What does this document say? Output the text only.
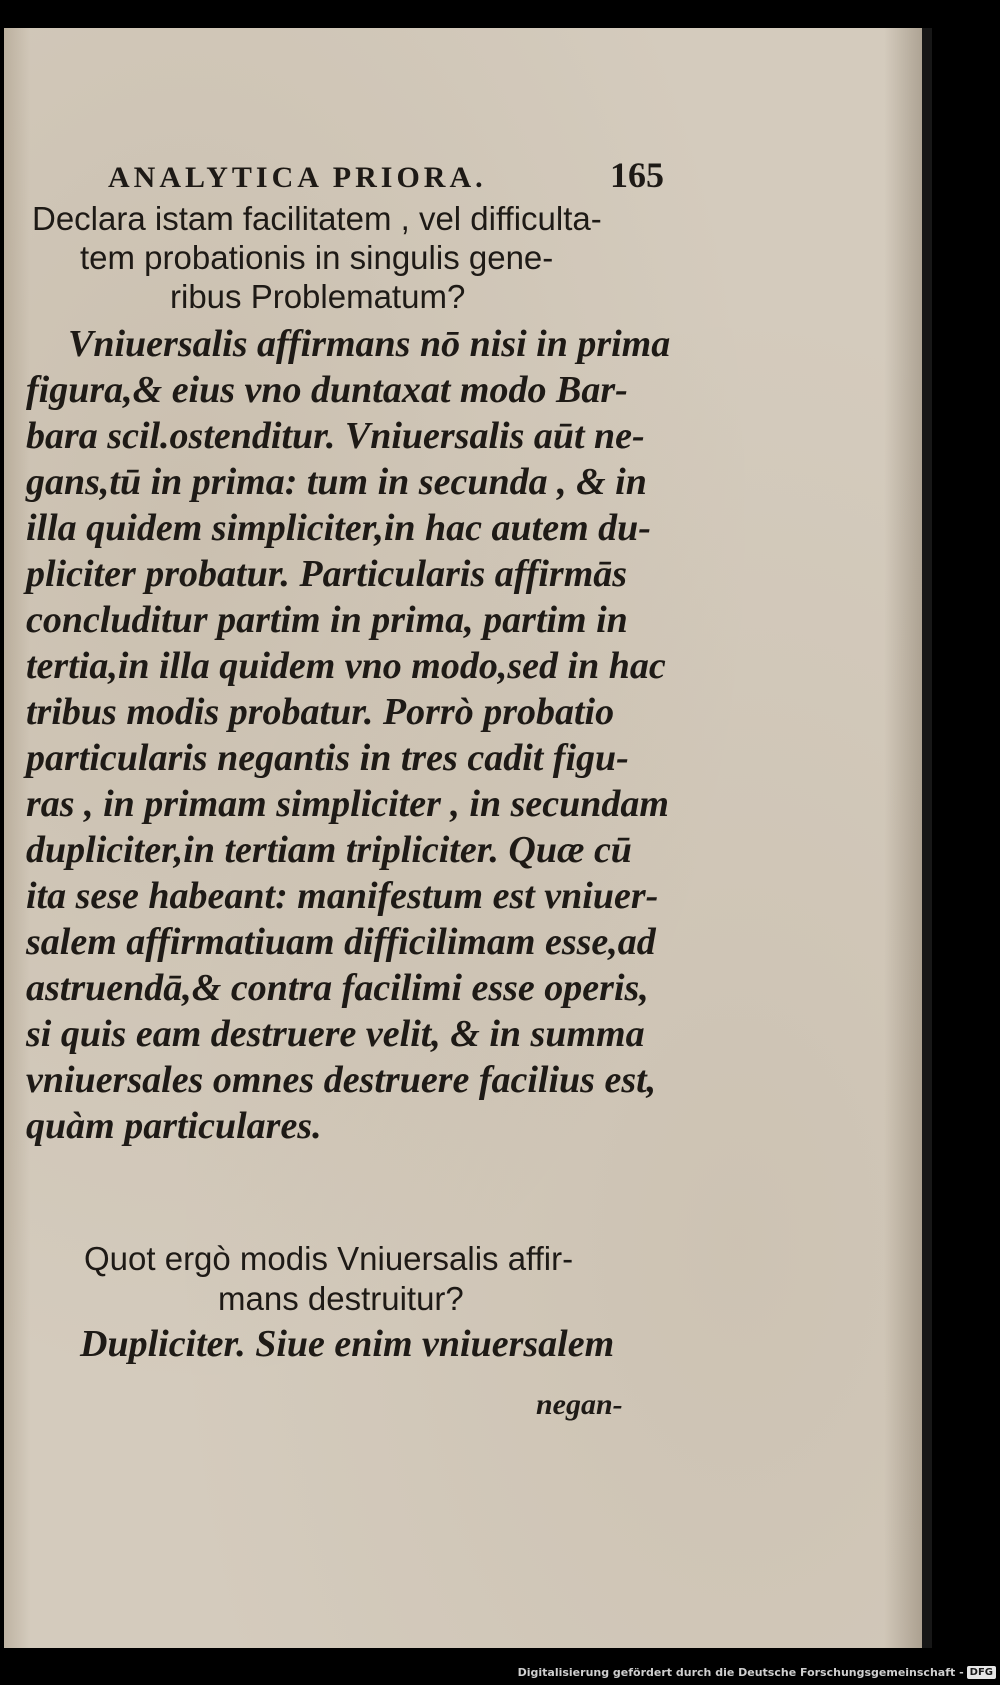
ANALYTICA PRIORA.	165

Declara istam facilitatem , vel difficulta-

tem probationis in singulis gene-

ribus Problematum?

Vniuersalis affirmans nō nisi in prima

figura,& eius vno duntaxat modo Bar-

bara scil.ostenditur. Vniuersalis aūt ne-

gans,tū in prima: tum in secunda , & in

illa quidem simpliciter,in hac autem du-

pliciter probatur. Particularis affirmās

concluditur partim in prima, partim in

tertia,in illa quidem vno modo,sed in hac

tribus modis probatur. Porrò probatio

particularis negantis in tres cadit figu-

ras , in primam simpliciter , in secundam

dupliciter,in tertiam tripliciter. Quæ cū

ita sese habeant: manifestum est vniuer-

salem affirmatiuam difficilimam esse,ad

astruendā,& contra facilimi esse operis,

si quis eam destruere velit, & in summa

vniuersales omnes destruere facilius est,

quàm particulares.

Quot ergò modis Vniuersalis affir-

mans destruitur?

Dupliciter. Siue enim vniuersalem

negan-

Digitalisierung gefördert durch die Deutsche Forschungsgemeinschaft - DFG
